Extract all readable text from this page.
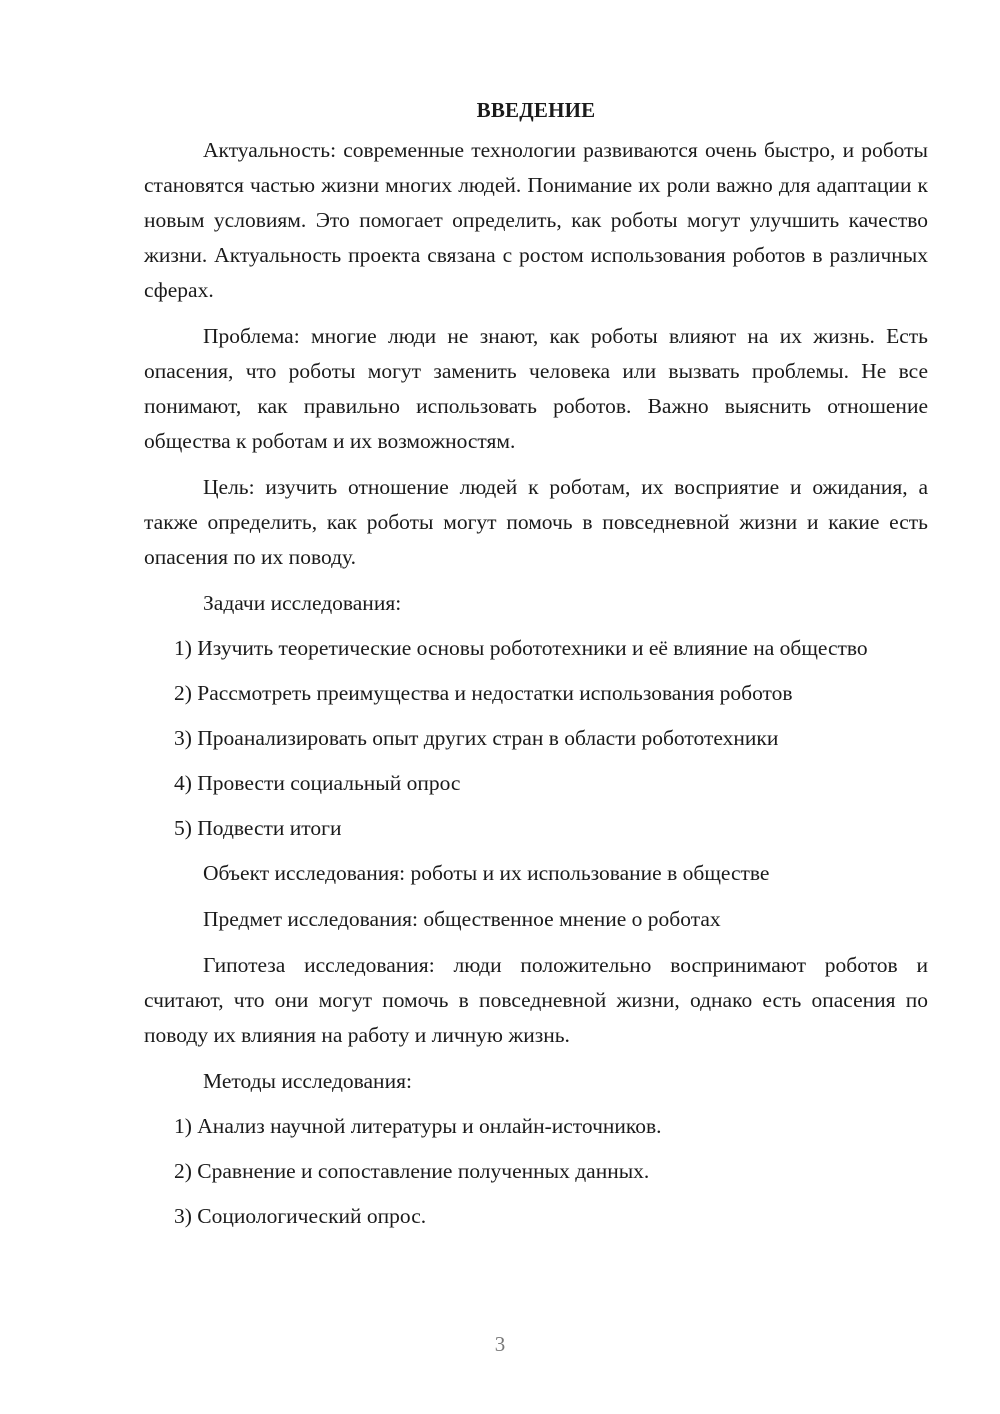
ВВЕДЕНИЕ

Актуальность: современные технологии развиваются очень быстро, и роботы становятся частью жизни многих людей. Понимание их роли важно для адаптации к новым условиям. Это помогает определить, как роботы могут улучшить качество жизни. Актуальность проекта связана с ростом использования роботов в различных сферах.

Проблема: многие люди не знают, как роботы влияют на их жизнь. Есть опасения, что роботы могут заменить человека или вызвать проблемы. Не все понимают, как правильно использовать роботов. Важно выяснить отношение общества к роботам и их возможностям.

Цель: изучить отношение людей к роботам, их восприятие и ожидания, а также определить, как роботы могут помочь в повседневной жизни и какие есть опасения по их поводу.

Задачи исследования:

1) Изучить теоретические основы робототехники и её влияние на общество

2) Рассмотреть преимущества и недостатки использования роботов

3) Проанализировать опыт других стран в области робототехники

4) Провести социальный опрос

5) Подвести итоги

Объект исследования: роботы и их использование в обществе

Предмет исследования: общественное мнение о роботах

Гипотеза исследования: люди положительно воспринимают роботов и считают, что они могут помочь в повседневной жизни, однако есть опасения по поводу их влияния на работу и личную жизнь.

Методы исследования:

1) Анализ научной литературы и онлайн-источников.

2) Сравнение и сопоставление полученных данных.

3) Социологический опрос.

3
